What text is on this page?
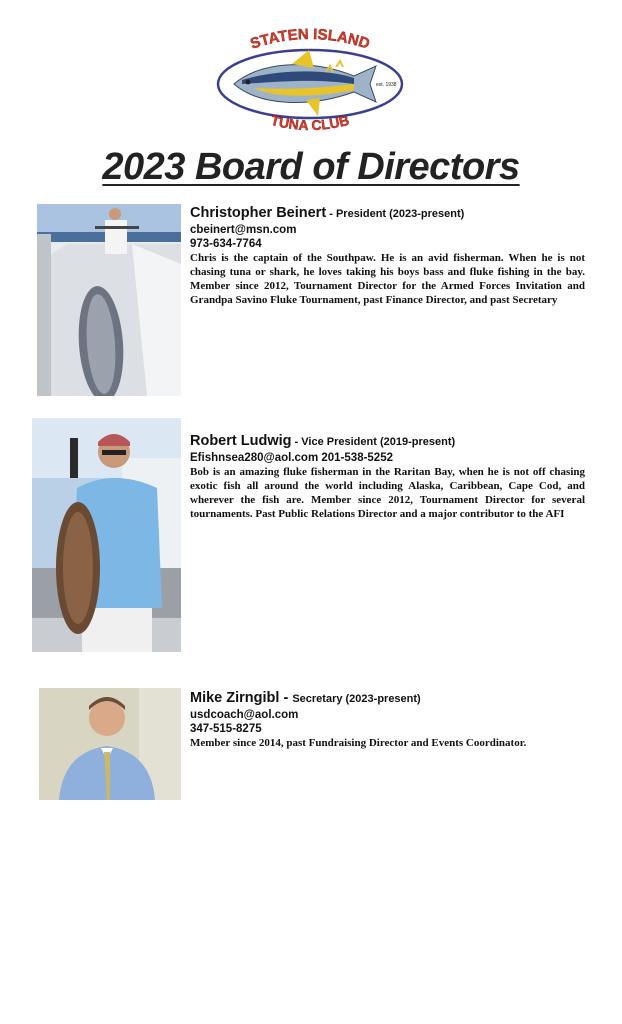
STATEN ISLAND
TUNA CLUB
est. 1938
2023 Board of Directors
Christopher Beinert - President (2023-present)
cbeinert@msn.com
973-634-7764

Chris is the captain of the Southpaw. He is an avid fisherman. When he is not chasing tuna or shark, he loves taking his boys bass and fluke fishing in the bay. Member since 2012, Tournament Director for the Armed Forces Invitation and Grandpa Savino Fluke Tournament, past Finance Director, and past Secretary

Robert Ludwig - Vice President (2019-present)
Efishnsea280@aol.com 201-538-5252

Bob is an amazing fluke fisherman in the Raritan Bay, when he is not off chasing exotic fish all around the world including Alaska, Caribbean, Cape Cod, and wherever the fish are. Member since 2012, Tournament Director for several tournaments. Past Public Relations Director and a major contributor to the AFI

Mike Zirngibl - Secretary (2023-present)
usdcoach@aol.com
347-515-8275

Member since 2014, past Fundraising Director and Events Coordinator.
